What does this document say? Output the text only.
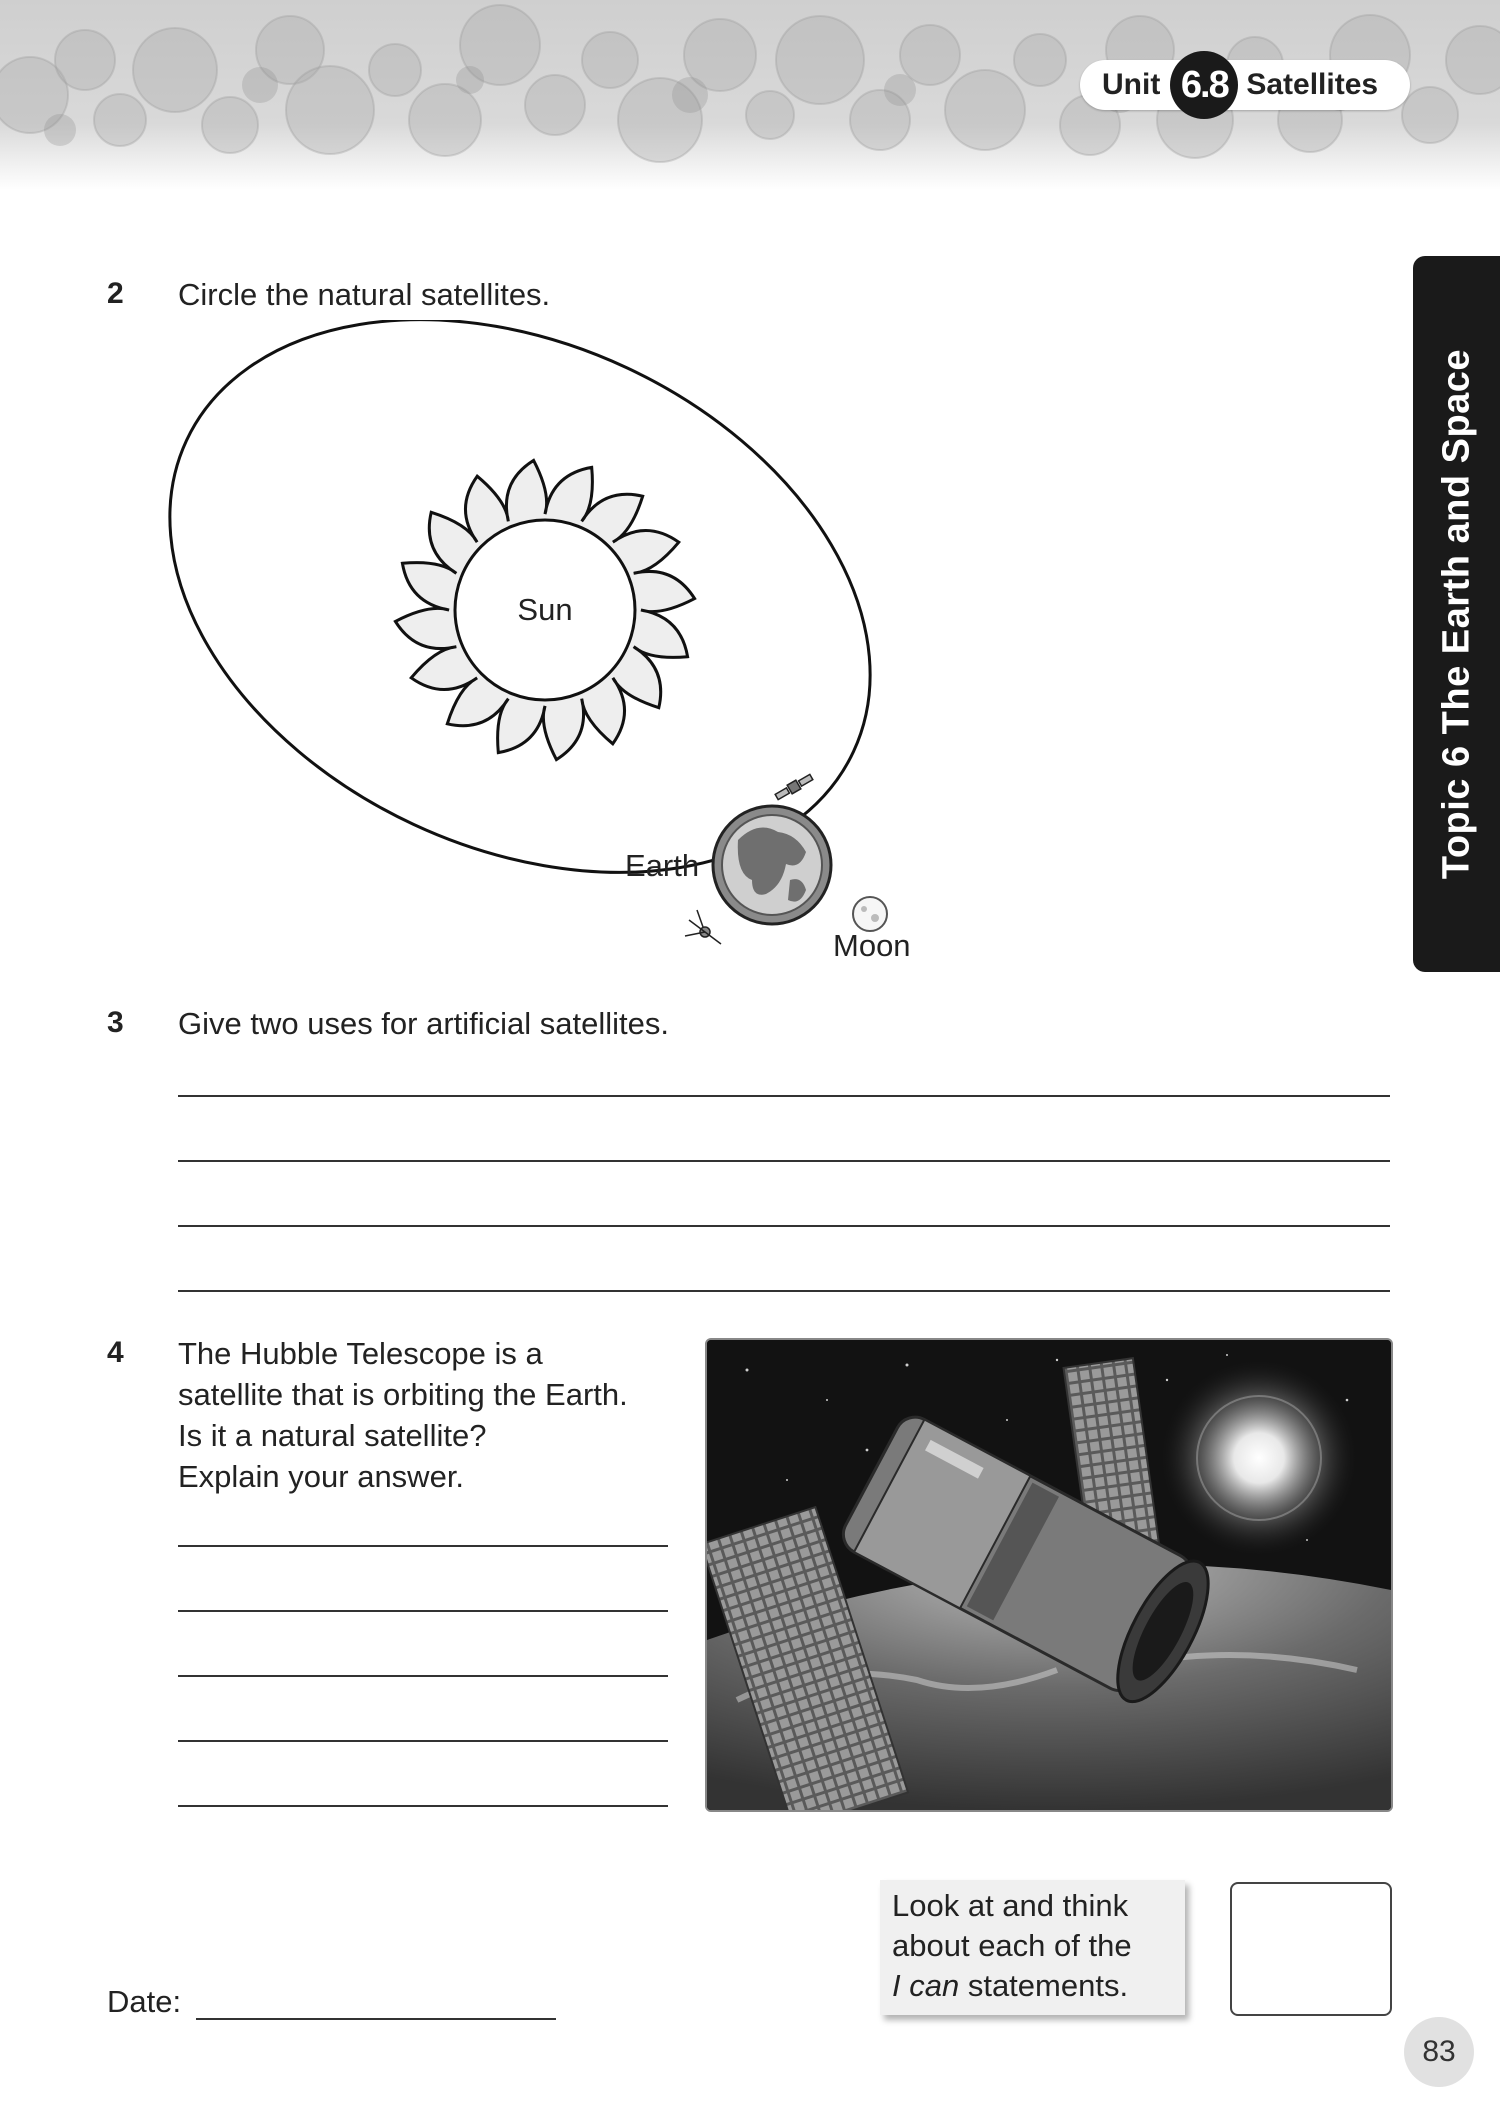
Unit 6.8 Satellites
Topic 6 The Earth and Space
2 Circle the natural satellites.
Sun
Earth
Moon
3 Give two uses for artificial satellites.
4 The Hubble Telescope is a
satellite that is orbiting the Earth.
Is it a natural satellite?
Explain your answer.
Date:
Look at and think
about each of the
I can statements.
83
